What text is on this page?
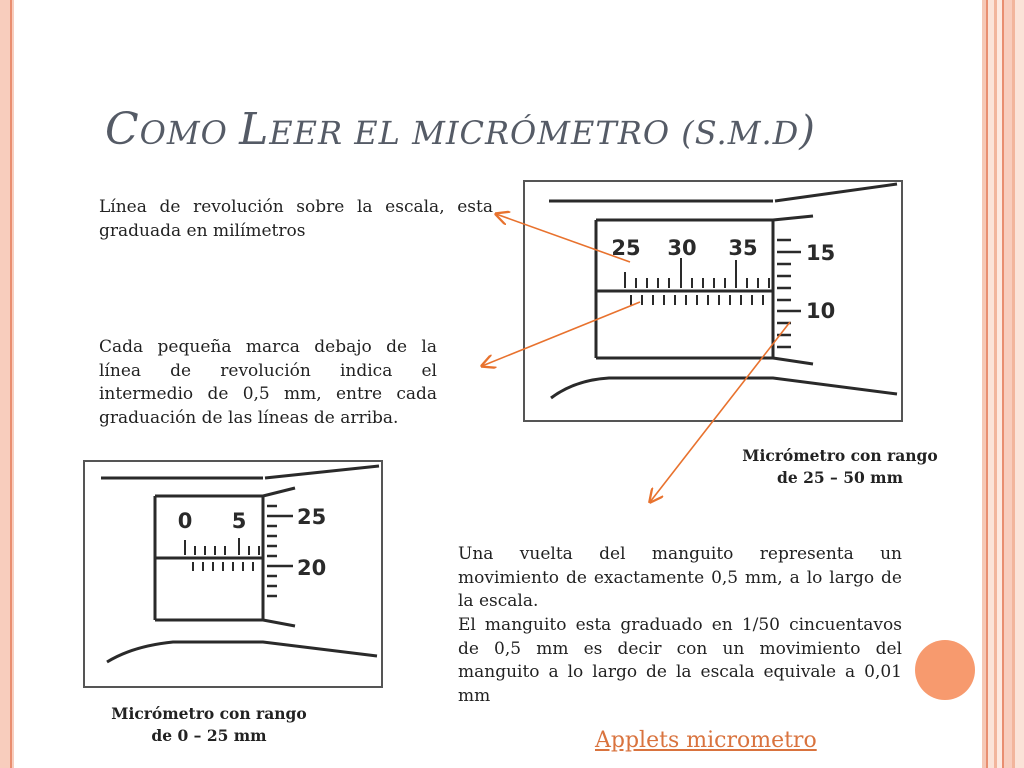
COMO LEER EL MICRÓMETRO (S.M.D)

Línea de revolución sobre la escala, esta graduada en milímetros

Cada pequeña marca debajo de la línea de revolución indica el intermedio de 0,5 mm, entre cada graduación de las líneas de arriba.

Una vuelta del manguito representa un movimiento de exactamente 0,5 mm, a lo largo de la escala.

El manguito esta graduado en 1/50 cincuentavos de 0,5 mm es decir con un movimiento del manguito a lo largo de la escala equivale a 0,01 mm

25 30 35 15
10
0 5 25
20

Micrómetro con rango
de 25 – 50 mm

Micrómetro con rango
de 0 – 25 mm	Applets micrometro
